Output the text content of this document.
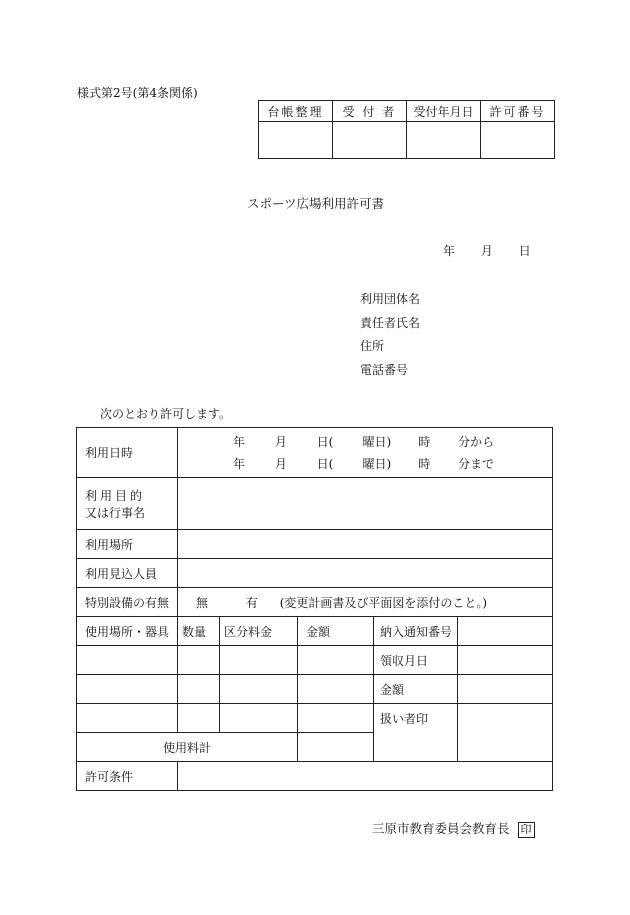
様式第2号(第4条関係)
台帳整理	受 付 者	受付年月日	許可番号

スポーツ広場利用許可書
年 月 日
利用団体名
責任者氏名
住所
電話番号
次のとおり許可します。
利用日時	年 月 日( 曜日) 時 分から
年 月 日( 曜日) 時 分まで				

利用目的
又は行事名					

利用場所					
利用見込人員					
特別設備の有無	無 有 (変更計画書及び平面図を添付のこと。)				
使用場所・器具	数量	区分料金	金額	納入通知番号	
				領収月日	
				金額	
				扱い者印	
使用料計					
許可条件					
三原市教育委員会教育長 印
